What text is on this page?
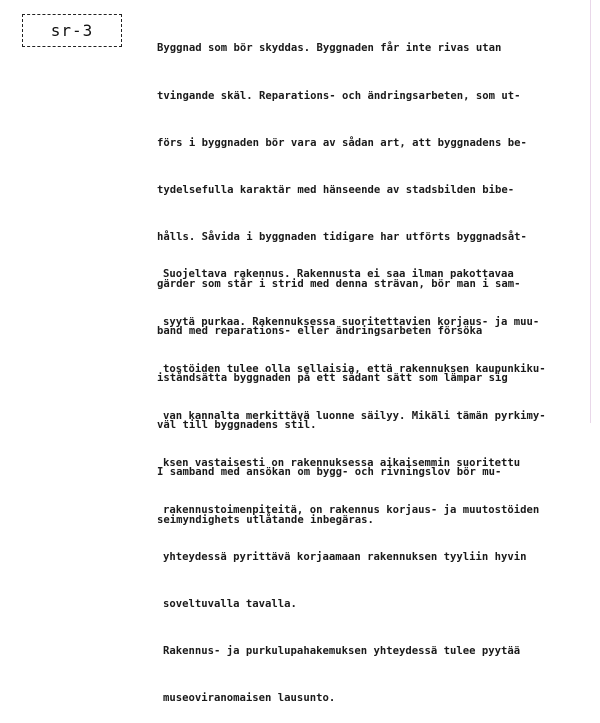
sr-3

Byggnad som bör skyddas. Byggnaden får inte rivas utan

tvingande skäl. Reparations- och ändringsarbeten, som ut-

förs i byggnaden bör vara av sådan art, att byggnadens be-

tydelsefulla karaktär med hänseende av stadsbilden bibe-

hålls. Såvida i byggnaden tidigare har utförts byggnadsåt-

gärder som står i strid med denna strävan, bör man i sam-

band med reparations- eller ändringsarbeten försöka

iståndsätta byggnaden på ett sådant sätt som lämpar sig

väl till byggnadens stil.

I samband med ansökan om bygg- och rivningslov bör mu-

seimyndighets utlåtande inbegäras.

Suojeltava rakennus. Rakennusta ei saa ilman pakottavaa

syytä purkaa. Rakennuksessa suoritettavien korjaus- ja muu-

tostöiden tulee olla sellaisia, että rakennuksen kaupunkiku-

van kannalta merkittävä luonne säilyy. Mikäli tämän pyrkimy-

ksen vastaisesti on rakennuksessa aikaisemmin suoritettu

rakennustoimenpiteitä, on rakennus korjaus- ja muutostöiden

yhteydessä pyrittävä korjaamaan rakennuksen tyyliin hyvin

soveltuvalla tavalla.

Rakennus- ja purkulupahakemuksen yhteydessä tulee pyytää

museoviranomaisen lausunto.
